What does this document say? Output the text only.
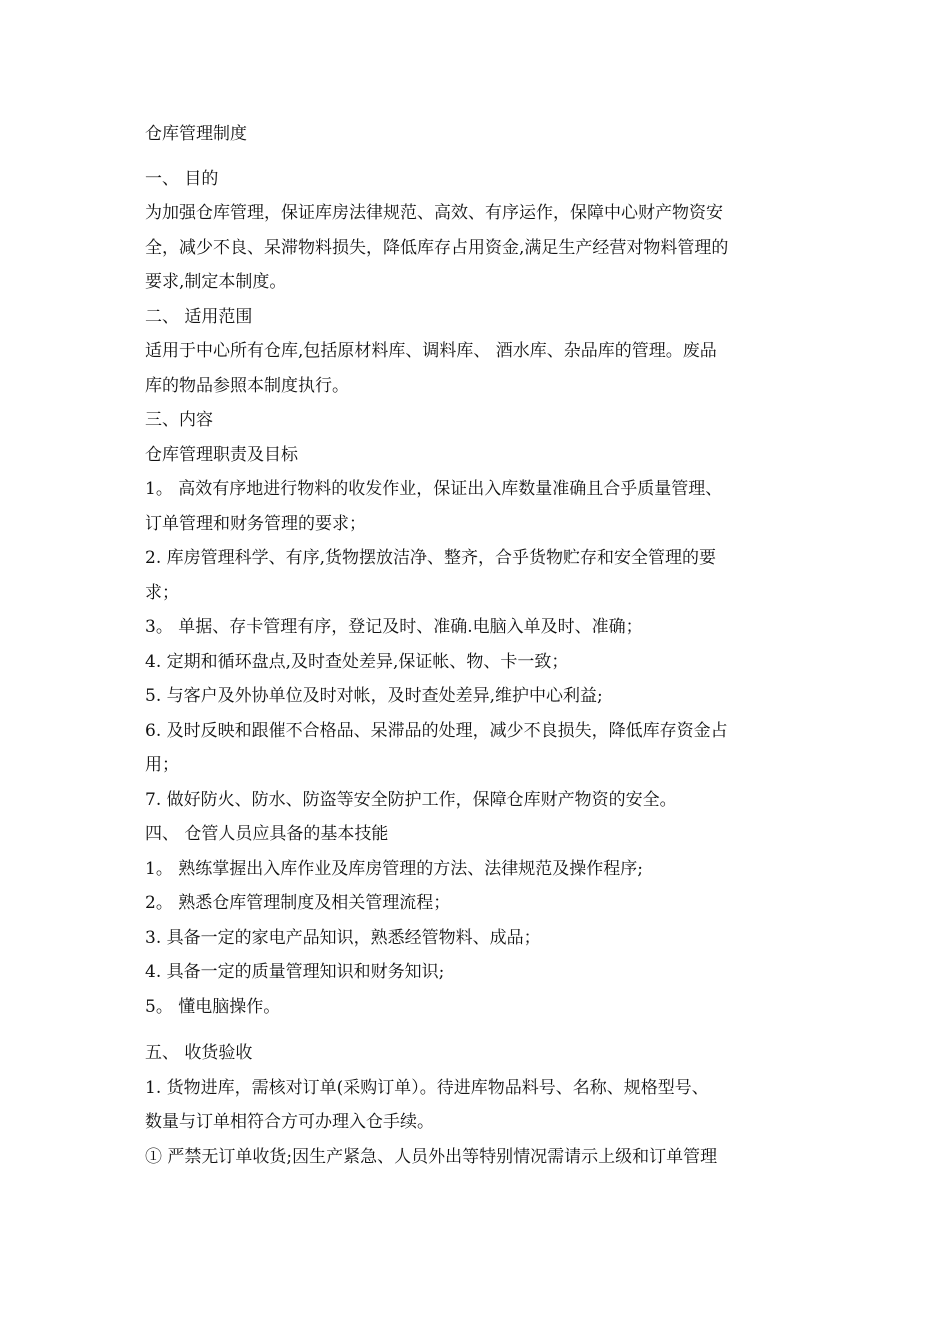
仓库管理制度
一、 目的
为加强仓库管理，保证库房法律规范、高效、有序运作，保障中心财产物资安
全，减少不良、呆滞物料损失，降低库存占用资金,满足生产经营对物料管理的
要求,制定本制度。
二、 适用范围
适用于中心所有仓库,包括原材料库、调料库、 酒水库、杂品库的管理。废品
库的物品参照本制度执行。
三、内容
仓库管理职责及目标
1。 高效有序地进行物料的收发作业，保证出入库数量准确且合乎质量管理、
订单管理和财务管理的要求；
2. 库房管理科学、有序,货物摆放洁净、整齐，合乎货物贮存和安全管理的要
求；
3。 单据、存卡管理有序，登记及时、准确.电脑入单及时、准确；
4. 定期和循环盘点,及时查处差异,保证帐、物、卡一致；
5. 与客户及外协单位及时对帐，及时查处差异,维护中心利益;
6. 及时反映和跟催不合格品、呆滞品的处理，减少不良损失，降低库存资金占
用；
7. 做好防火、防水、防盗等安全防护工作，保障仓库财产物资的安全。
四、 仓管人员应具备的基本技能
1。 熟练掌握出入库作业及库房管理的方法、法律规范及操作程序;
2。 熟悉仓库管理制度及相关管理流程；
3. 具备一定的家电产品知识，熟悉经管物料、成品；
4. 具备一定的质量管理知识和财务知识;
5。 懂电脑操作。
五、 收货验收
1. 货物进库，需核对订单(采购订单）。待进库物品料号、名称、规格型号、
数量与订单相符合方可办理入仓手续。
① 严禁无订单收货;因生产紧急、人员外出等特别情况需请示上级和订单管理
